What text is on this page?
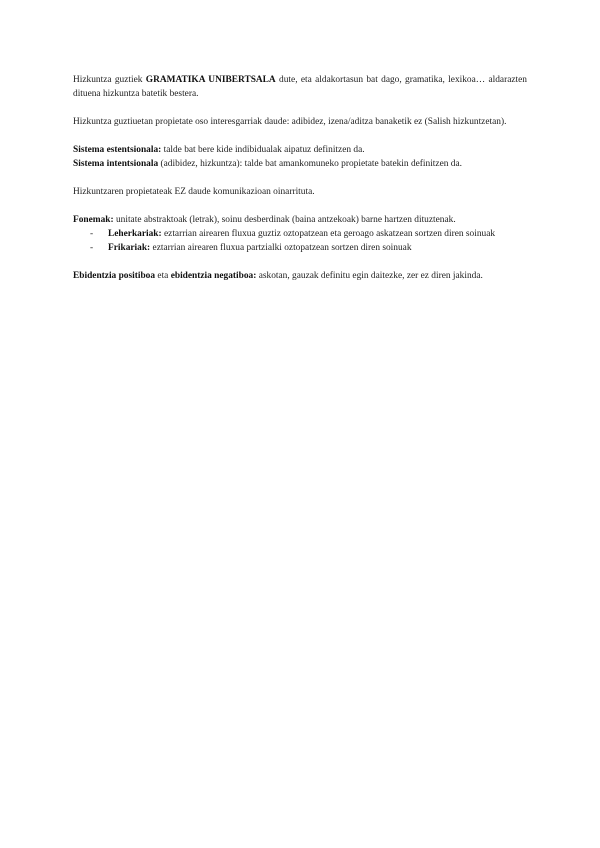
Hizkuntza guztiek GRAMATIKA UNIBERTSALA dute, eta aldakortasun bat dago, gramatika, lexikoa… aldarazten dituena hizkuntza batetik bestera.

Hizkuntza guztiuetan propietate oso interesgarriak daude: adibidez, izena/aditza banaketik ez (Salish hizkuntzetan).

Sistema estentsionala: talde bat bere kide indibidualak aipatuz definitzen da.

Sistema intentsionala (adibidez, hizkuntza): talde bat amankomuneko propietate batekin definitzen da.

Hizkuntzaren propietateak EZ daude komunikazioan oinarrituta.

Fonemak: unitate abstraktoak (letrak), soinu desberdinak (baina antzekoak) barne hartzen dituztenak.

- Leherkariak: eztarrian airearen fluxua guztiz oztopatzean eta geroago askatzean sortzen diren soinuak
- Frikariak: eztarrian airearen fluxua partzialki oztopatzean sortzen diren soinuak

Ebidentzia positiboa eta ebidentzia negatiboa: askotan, gauzak definitu egin daitezke, zer ez diren jakinda.
